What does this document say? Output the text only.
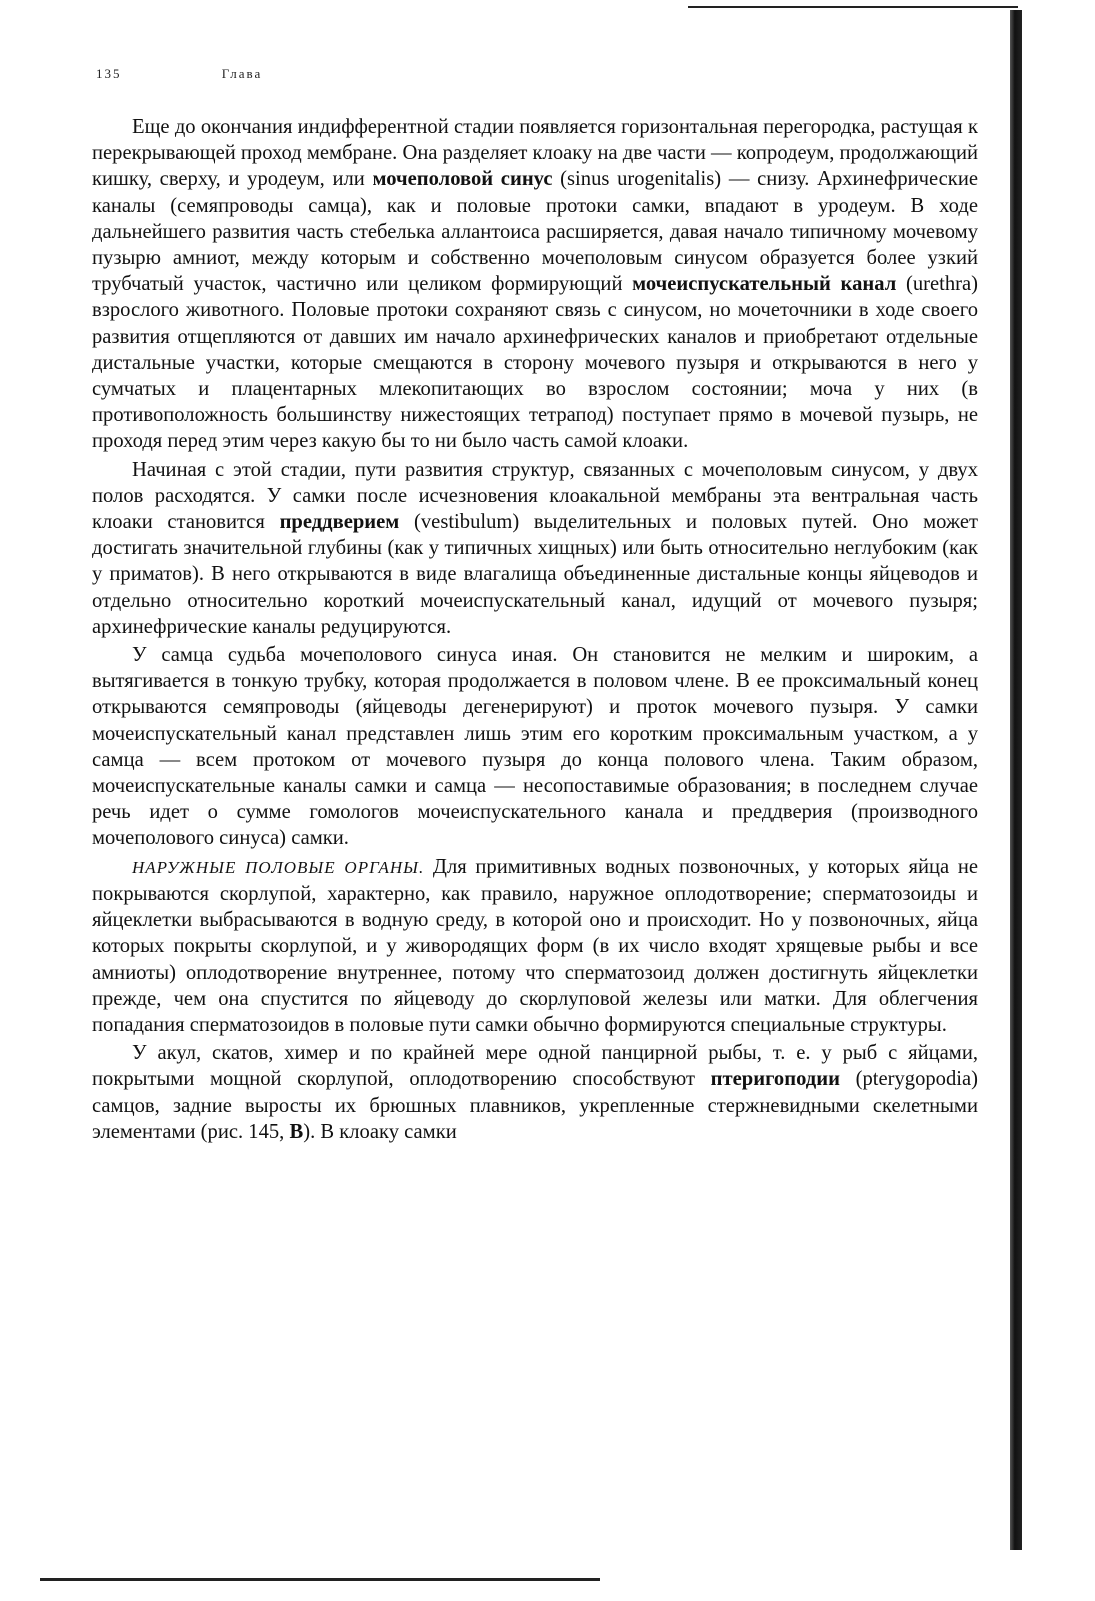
135	Глава

Еще до окончания индифферентной стадии появляется горизонтальная перегородка, растущая к перекрывающей проход мембране. Она разделяет клоаку на две части — копродеум, продолжающий кишку, сверху, и уродеум, или мочеполовой синус (sinus urogenitalis) — снизу. Архинефрические каналы (семяпроводы самца), как и половые протоки самки, впадают в уродеум. В ходе дальнейшего развития часть стебелька аллантоиса расширяется, давая начало типичному мочевому пузырю амниот, между которым и собственно мочеполовым синусом образуется более узкий трубчатый участок, частично или целиком формирующий мочеиспускательный канал (urethra) взрослого животного. Половые протоки сохраняют связь с синусом, но мочеточники в ходе своего развития отщепляются от давших им начало архинефрических каналов и приобретают отдельные дистальные участки, которые смещаются в сторону мочевого пузыря и открываются в него у сумчатых и плацентарных млекопитающих во взрослом состоянии; моча у них (в противоположность большинству нижестоящих тетрапод) поступает прямо в мочевой пузырь, не проходя перед этим через какую бы то ни было часть самой клоаки.

Начиная с этой стадии, пути развития структур, связанных с мочеполовым синусом, у двух полов расходятся. У самки после исчезновения клоакальной мембраны эта вентральная часть клоаки становится преддверием (vestibulum) выделительных и половых путей. Оно может достигать значительной глубины (как у типичных хищных) или быть относительно неглубоким (как у приматов). В него открываются в виде влагалища объединенные дистальные концы яйцеводов и отдельно относительно короткий мочеиспускательный канал, идущий от мочевого пузыря; архинефрические каналы редуцируются.

У самца судьба мочеполового синуса иная. Он становится не мелким и широким, а вытягивается в тонкую трубку, которая продолжается в половом члене. В ее проксимальный конец открываются семяпроводы (яйцеводы дегенерируют) и проток мочевого пузыря. У самки мочеиспускательный канал представлен лишь этим его коротким проксимальным участком, а у самца — всем протоком от мочевого пузыря до конца полового члена. Таким образом, мочеиспускательные каналы самки и самца — несопоставимые образования; в последнем случае речь идет о сумме гомологов мочеиспускательного канала и преддверия (производного мочеполового синуса) самки.

НАРУЖНЫЕ ПОЛОВЫЕ ОРГАНЫ. Для примитивных водных позвоночных, у которых яйца не покрываются скорлупой, характерно, как правило, наружное оплодотворение; сперматозоиды и яйцеклетки выбрасываются в водную среду, в которой оно и происходит. Но у позвоночных, яйца которых покрыты скорлупой, и у живородящих форм (в их число входят хрящевые рыбы и все амниоты) оплодотворение внутреннее, потому что сперматозоид должен достигнуть яйцеклетки прежде, чем она спустится по яйцеводу до скорлуповой железы или матки. Для облегчения попадания сперматозоидов в половые пути самки обычно формируются специальные структуры.

У акул, скатов, химер и по крайней мере одной панцирной рыбы, т. е. у рыб с яйцами, покрытыми мощной скорлупой, оплодотворению способствуют птеригоподии (pterygopodia) самцов, задние выросты их брюшных плавников, укрепленные стержневидными скелетными элементами (рис. 145, В). В клоаку самки
